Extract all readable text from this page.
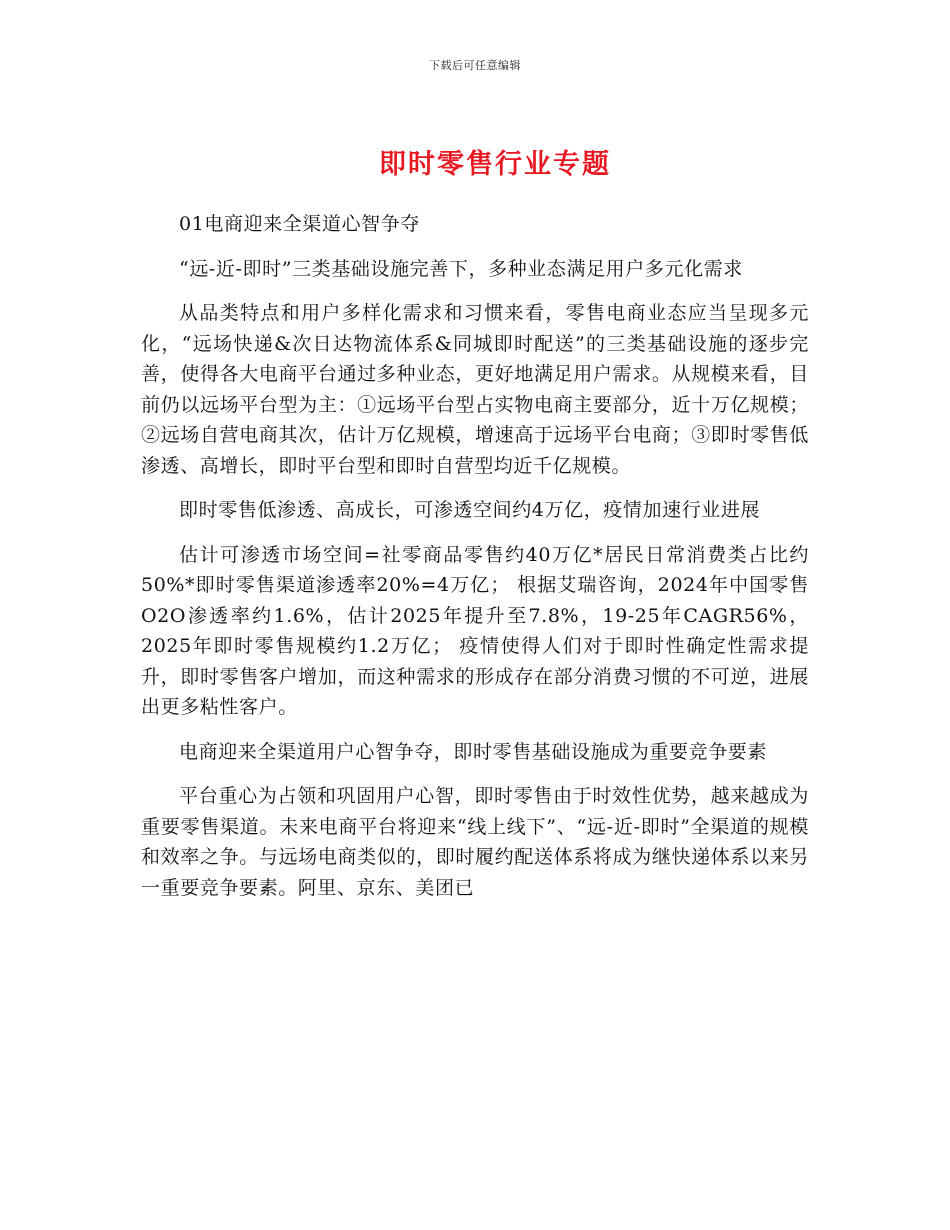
下载后可任意编辑
即时零售行业专题

01电商迎来全渠道心智争夺

“远-近-即时”三类基础设施完善下，多种业态满足用户多元化需求

从品类特点和用户多样化需求和习惯来看，零售电商业态应当呈现多元化，“远场快递&次日达物流体系&同城即时配送”的三类基础设施的逐步完善，使得各大电商平台通过多种业态，更好地满足用户需求。从规模来看，目前仍以远场平台型为主：①远场平台型占实物电商主要部分，近十万亿规模；②远场自营电商其次，估计万亿规模，增速高于远场平台电商；③即时零售低渗透、高增长，即时平台型和即时自营型均近千亿规模。

即时零售低渗透、高成长，可渗透空间约4万亿，疫情加速行业进展

估计可渗透市场空间=社零商品零售约40万亿*居民日常消费类占比约50%*即时零售渠道渗透率20%=4万亿； 根据艾瑞咨询，2024年中国零售O2O渗透率约1.6%，估计2025年提升至7.8%，19-25年CAGR56%，2025年即时零售规模约1.2万亿； 疫情使得人们对于即时性确定性需求提升，即时零售客户增加，而这种需求的形成存在部分消费习惯的不可逆，进展出更多粘性客户。

电商迎来全渠道用户心智争夺，即时零售基础设施成为重要竞争要素

平台重心为占领和巩固用户心智，即时零售由于时效性优势，越来越成为重要零售渠道。未来电商平台将迎来“线上线下”、“远-近-即时”全渠道的规模和效率之争。与远场电商类似的，即时履约配送体系将成为继快递体系以来另一重要竞争要素。阿里、京东、美团已
